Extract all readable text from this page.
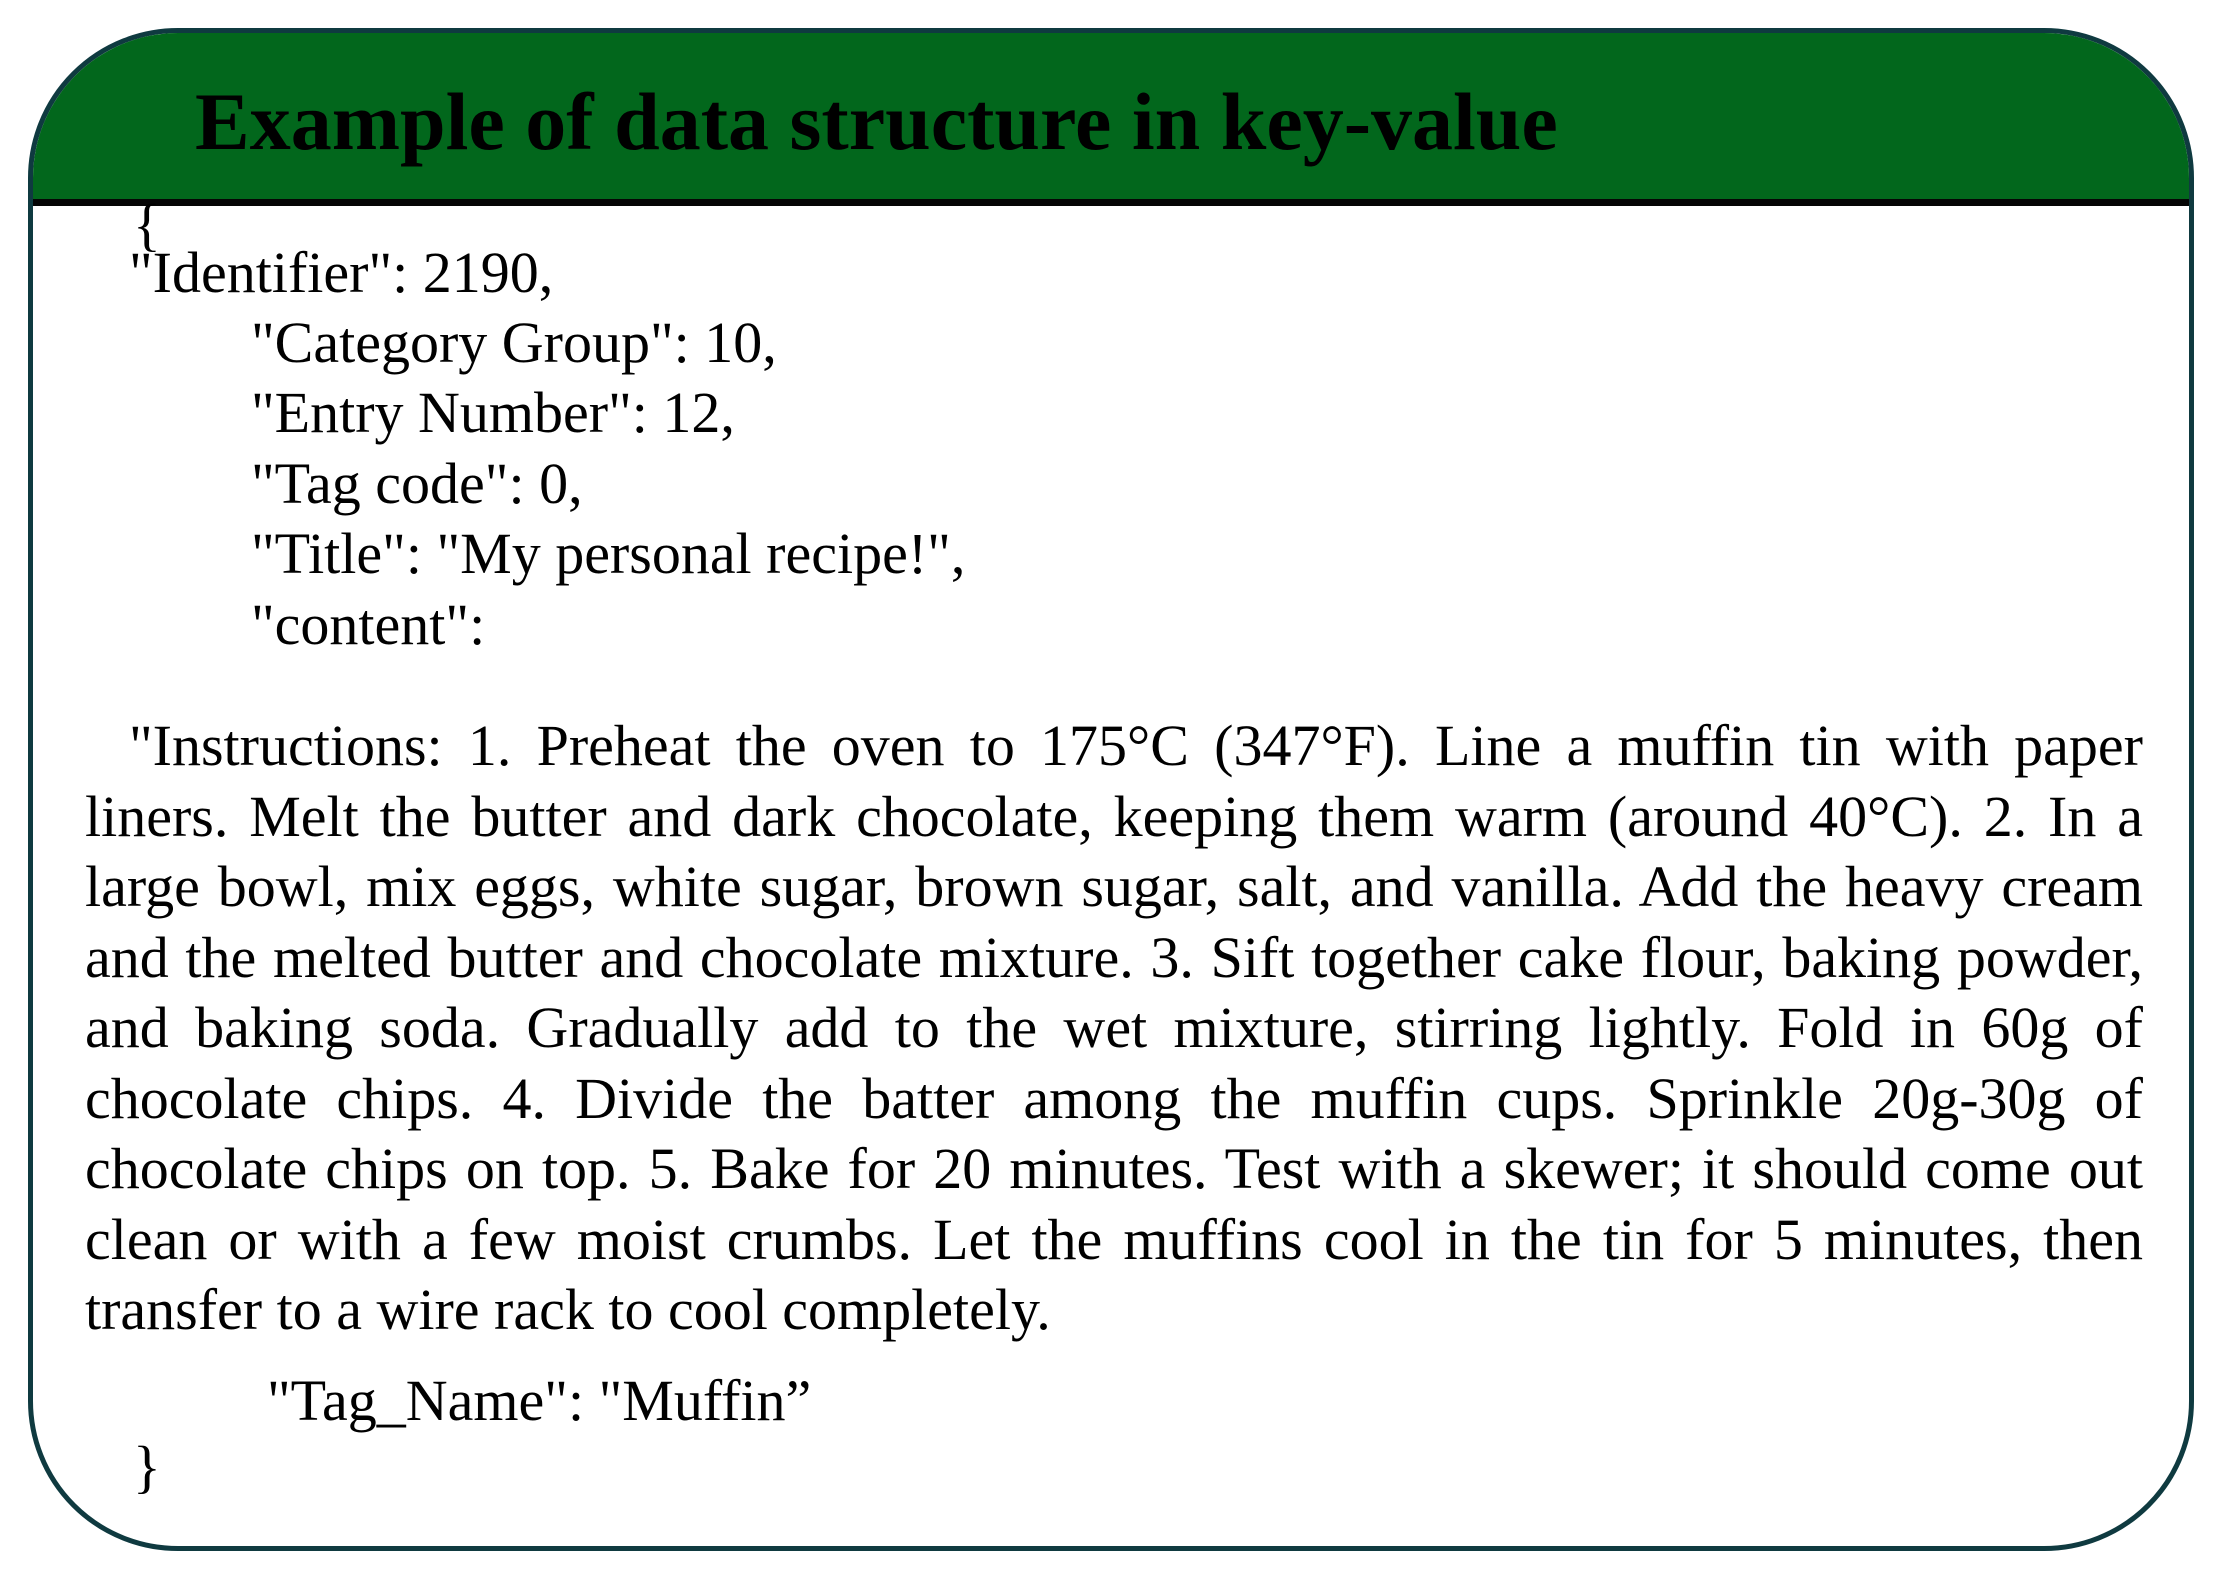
Example of data structure in key-value
{
"Identifier": 2190,
"Category Group": 10,
"Entry Number": 12,
"Tag code": 0,
"Title": "My personal recipe!",
"content":

"Instructions: 1. Preheat the oven to 175°C (347°F). Line a muffin tin with paper liners. Melt the butter and dark chocolate, keeping them warm (around 40°C). 2. In a large bowl, mix eggs, white sugar, brown sugar, salt, and vanilla. Add the heavy cream and the melted butter and chocolate mixture. 3. Sift together cake flour, baking powder, and baking soda. Gradually add to the wet mixture, stirring lightly. Fold in 60g of chocolate chips. 4. Divide the batter among the muffin cups. Sprinkle 20g-30g of chocolate chips on top. 5. Bake for 20 minutes. Test with a skewer; it should come out clean or with a few moist crumbs. Let the muffins cool in the tin for 5 minutes, then transfer to a wire rack to cool completely.

"Tag_Name": "Muffin”
}
